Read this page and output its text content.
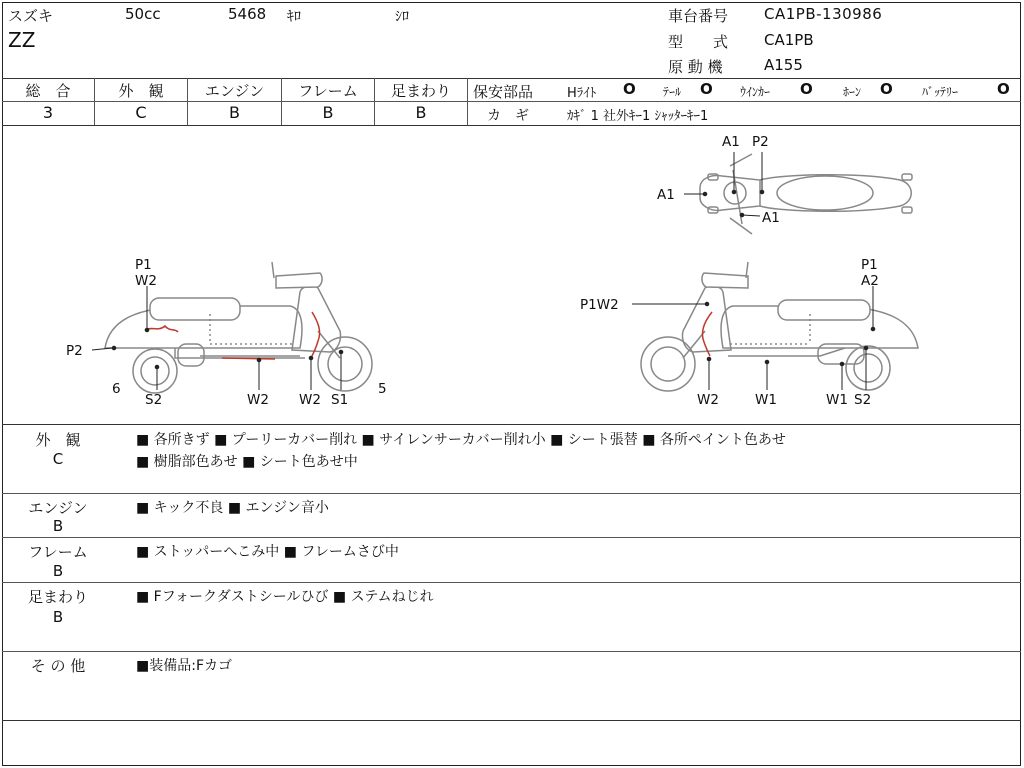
スズキ	50cc	5468 ｷﾛ	ｼﾛ
ZZ
車台番号 CA1PB-130986
型　　式 CA1PB
原 動 機	A155
総　合	外　観	エンジン	フレーム	足まわり
3	C	B	B	B
保安部品	Hﾗｲﾄ O ﾃｰﾙ O ｳｲﾝｶｰ O	ﾎｰﾝ O ﾊﾞｯﾃﾘｰ	O
カ　ギ	ｶｷﾞ 1 社外ｷｰ1 ｼｬｯﾀｰｷｰ1
P1
W2
P2
6
S2	W2 W2 S1
5
A1 P2
A1
A1
P1
A2
P1W2
W2	W1	W1 S2
外　観
C
■ 各所きず ■ プーリーカバー削れ ■ サイレンサーカバー削れ小 ■ シート張替 ■ 各所ペイント色あせ
■ 樹脂部色あせ ■ シート色あせ中
エンジン
B
■ キック不良 ■ エンジン音小
フレーム
B
■ ストッパーへこみ中 ■ フレームさび中
足まわり
B
■ Fフォークダストシールひび ■ ステムねじれ
そ の 他	■装備品:Fカゴ
